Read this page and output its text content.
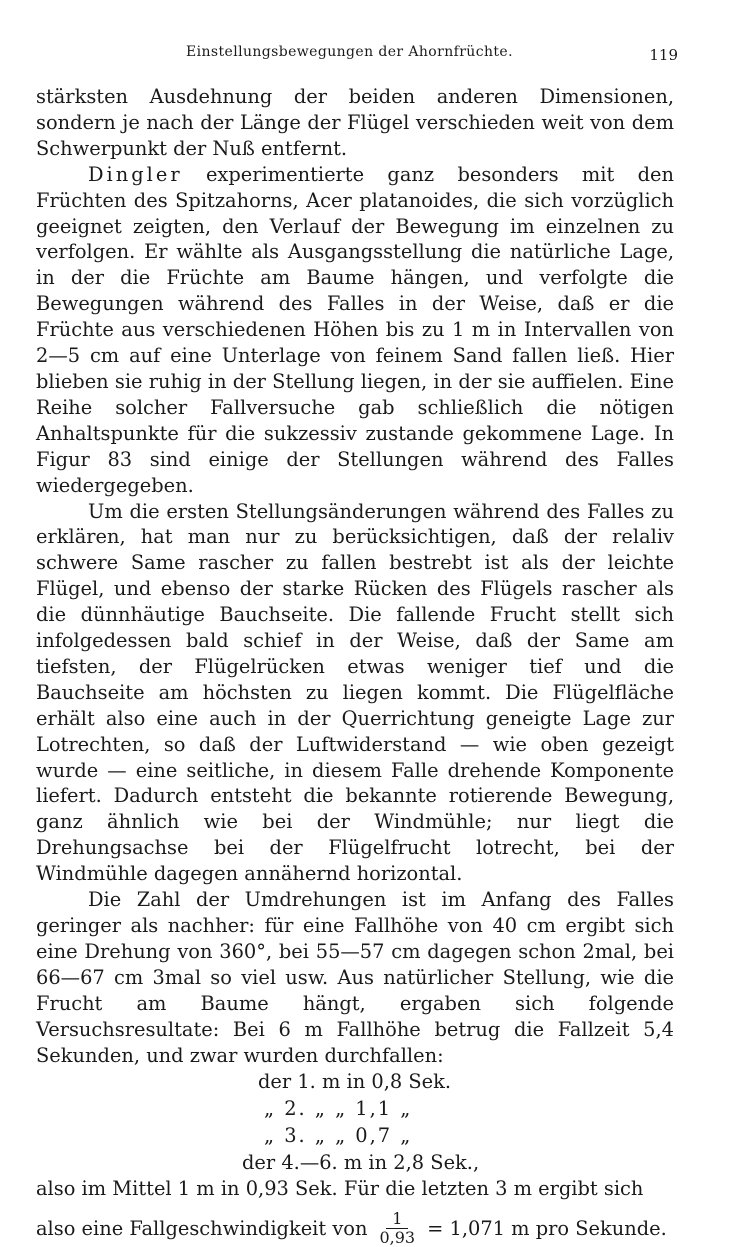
Einstellungsbewegungen der Ahornfrüchte.	119

stärksten Ausdehnung der beiden anderen Dimensionen, sondern je nach der Länge der Flügel verschieden weit von dem Schwerpunkt der Nuß entfernt.

Dingler experimentierte ganz besonders mit den Früchten des Spitzahorns, Acer platanoides, die sich vorzüglich geeignet zeigten, den Verlauf der Bewegung im einzelnen zu verfolgen. Er wählte als Ausgangsstellung die natürliche Lage, in der die Früchte am Baume hängen, und verfolgte die Bewegungen während des Falles in der Weise, daß er die Früchte aus verschiedenen Höhen bis zu 1 m in Intervallen von 2—5 cm auf eine Unterlage von feinem Sand fallen ließ. Hier blieben sie ruhig in der Stellung liegen, in der sie auffielen. Eine Reihe solcher Fallversuche gab schließlich die nötigen Anhaltspunkte für die sukzessiv zustande gekommene Lage. In Figur 83 sind einige der Stellungen während des Falles wiedergegeben.

Um die ersten Stellungsänderungen während des Falles zu erklären, hat man nur zu berücksichtigen, daß der relaliv schwere Same rascher zu fallen bestrebt ist als der leichte Flügel, und ebenso der starke Rücken des Flügels rascher als die dünnhäutige Bauchseite. Die fallende Frucht stellt sich infolgedessen bald schief in der Weise, daß der Same am tiefsten, der Flügelrücken etwas weniger tief und die Bauchseite am höchsten zu liegen kommt. Die Flügelfläche erhält also eine auch in der Querrichtung geneigte Lage zur Lotrechten, so daß der Luftwiderstand — wie oben gezeigt wurde — eine seitliche, in diesem Falle drehende Komponente liefert. Dadurch entsteht die bekannte rotierende Bewegung, ganz ähnlich wie bei der Windmühle; nur liegt die Drehungsachse bei der Flügelfrucht lotrecht, bei der Windmühle dagegen annähernd horizontal.

Die Zahl der Umdrehungen ist im Anfang des Falles geringer als nachher: für eine Fallhöhe von 40 cm ergibt sich eine Drehung von 360°, bei 55—57 cm dagegen schon 2mal, bei 66—67 cm 3mal so viel usw. Aus natürlicher Stellung, wie die Frucht am Baume hängt, ergaben sich folgende Versuchsresultate: Bei 6 m Fallhöhe betrug die Fallzeit 5,4 Sekunden, und zwar wurden durchfallen:

der 1. m in 0,8 Sek.
„ 2. „ „ 1,1 „
„ 3. „ „ 0,7 „
der 4.—6. m in 2,8 Sek.,

also im Mittel 1 m in 0,93 Sek. Für die letzten 3 m ergibt sich

also eine Fallgeschwindigkeit von $\frac{1}{0,93} = 1,071$ m pro Sekunde.
